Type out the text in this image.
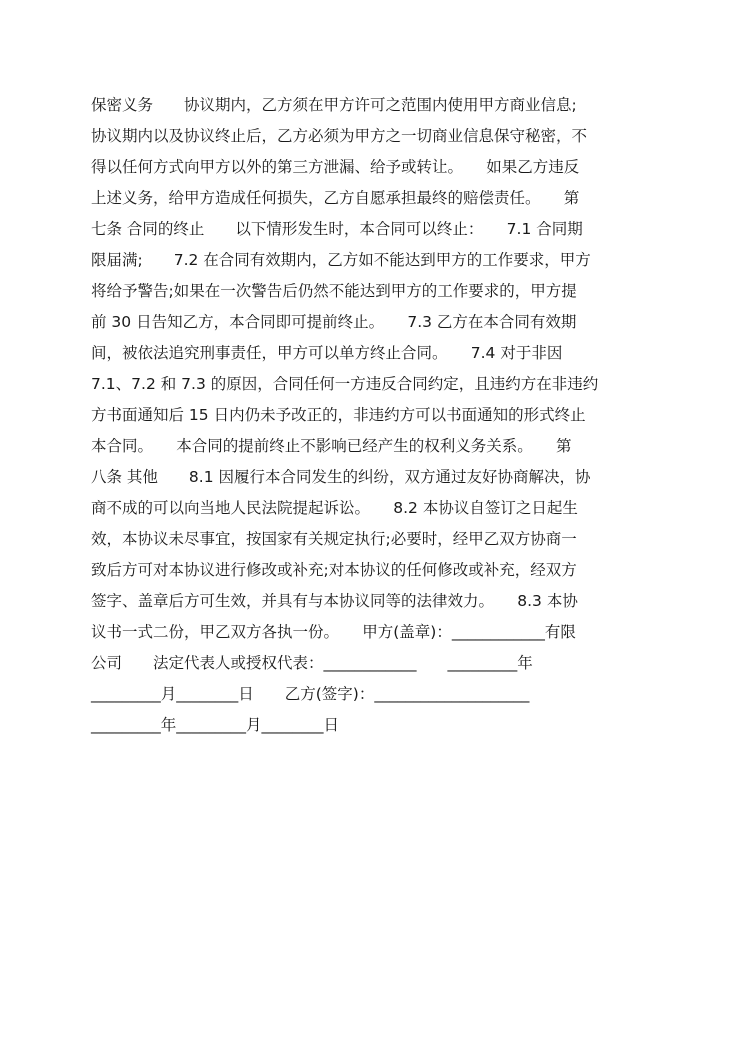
保密义务　　协议期内，乙方须在甲方许可之范围内使用甲方商业信息;
协议期内以及协议终止后，乙方必须为甲方之一切商业信息保守秘密，不
得以任何方式向甲方以外的第三方泄漏、给予或转让。　　如果乙方违反
上述义务，给甲方造成任何损失，乙方自愿承担最终的赔偿责任。　　第
七条 合同的终止　　以下情形发生时，本合同可以终止：　　7.1 合同期
限届满;　　7.2 在合同有效期内，乙方如不能达到甲方的工作要求，甲方
将给予警告;如果在一次警告后仍然不能达到甲方的工作要求的，甲方提
前 30 日告知乙方，本合同即可提前终止。　　7.3 乙方在本合同有效期
间，被依法追究刑事责任，甲方可以单方终止合同。　　7.4 对于非因
7.1、7.2 和 7.3 的原因，合同任何一方违反合同约定，且违约方在非违约
方书面通知后 15 日内仍未予改正的，非违约方可以书面通知的形式终止
本合同。　　本合同的提前终止不影响已经产生的权利义务关系。　　第
八条 其他　　8.1 因履行本合同发生的纠纷，双方通过友好协商解决，协
商不成的可以向当地人民法院提起诉讼。　　8.2 本协议自签订之日起生
效，本协议未尽事宜，按国家有关规定执行;必要时，经甲乙双方协商一
致后方可对本协议进行修改或补充;对本协议的任何修改或补充，经双方
签字、盖章后方可生效，并具有与本协议同等的法律效力。　　8.3 本协
议书一式二份，甲乙双方各执一份。　　甲方(盖章)：____________有限
公司　　法定代表人或授权代表：____________　　_________年
_________月________日　　乙方(签字)：____________________
_________年_________月________日
